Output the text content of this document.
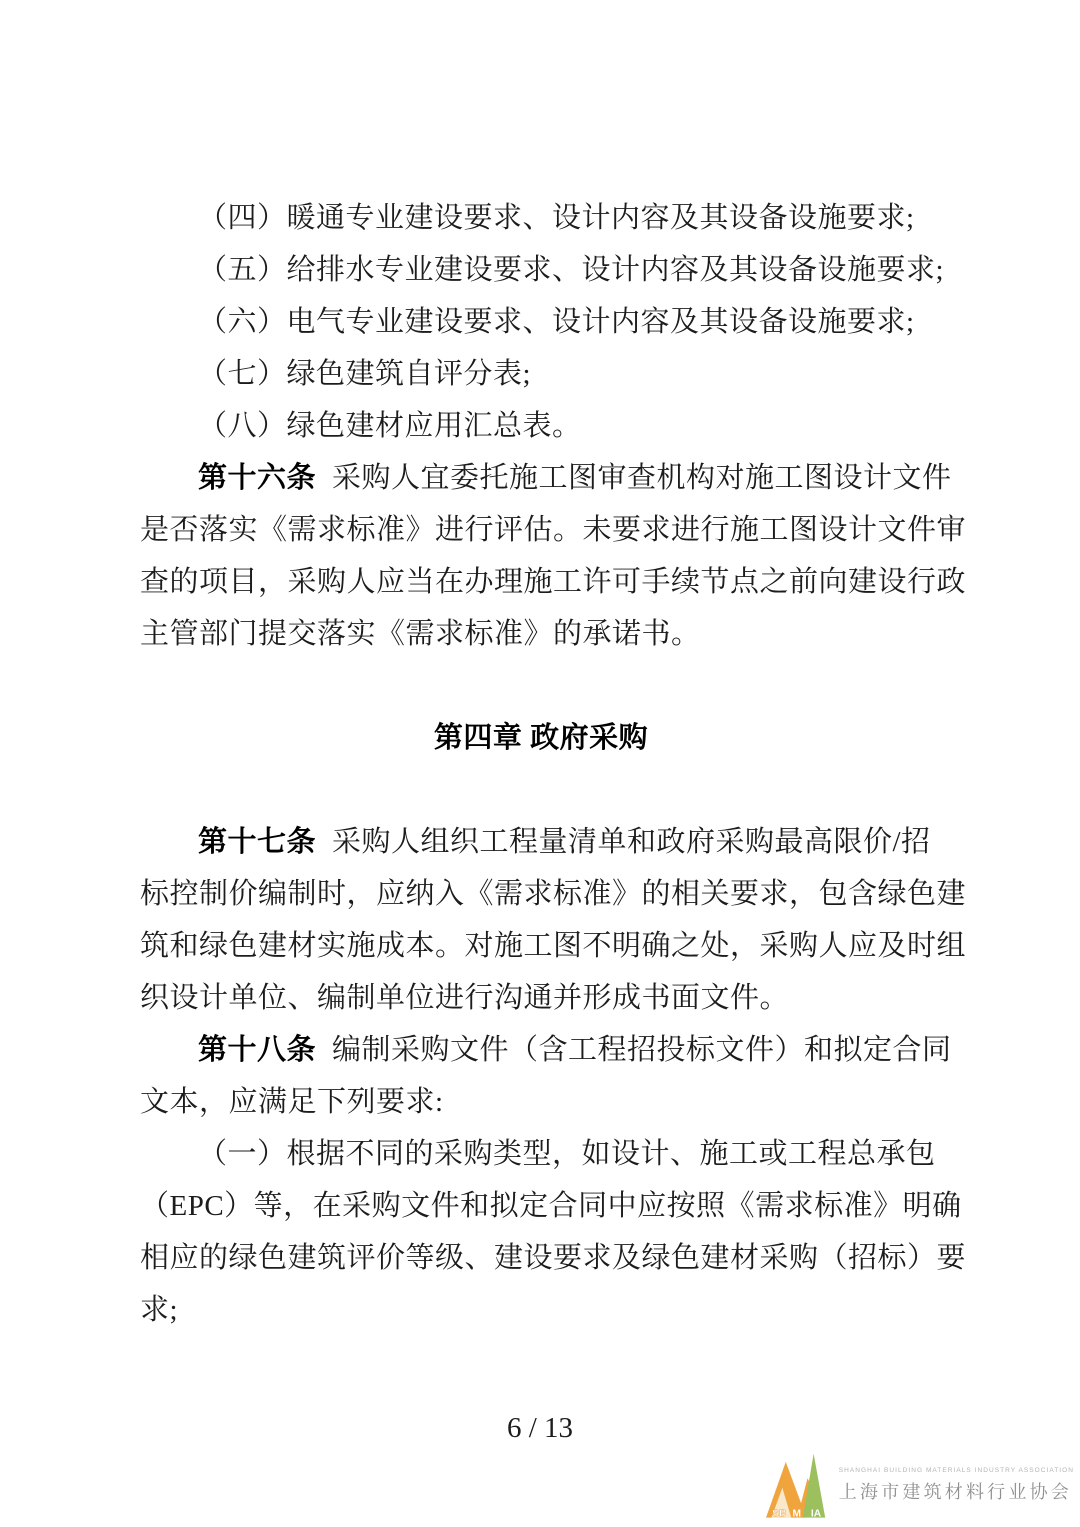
（四）暖通专业建设要求、设计内容及其设备设施要求;
（五）给排水专业建设要求、设计内容及其设备设施要求;
（六）电气专业建设要求、设计内容及其设备设施要求;
（七）绿色建筑自评分表;
（八）绿色建材应用汇总表。
第十六条 采购人宜委托施工图审查机构对施工图设计文件
是否落实《需求标准》进行评估。未要求进行施工图设计文件审
查的项目，采购人应当在办理施工许可手续节点之前向建设行政
主管部门提交落实《需求标准》的承诺书。
第四章 政府采购
第十七条 采购人组织工程量清单和政府采购最高限价/招
标控制价编制时，应纳入《需求标准》的相关要求，包含绿色建
筑和绿色建材实施成本。对施工图不明确之处，采购人应及时组
织设计单位、编制单位进行沟通并形成书面文件。
第十八条 编制采购文件（含工程招投标文件）和拟定合同
文本，应满足下列要求:
（一）根据不同的采购类型，如设计、施工或工程总承包
（EPC）等，在采购文件和拟定合同中应按照《需求标准》明确
相应的绿色建筑评价等级、建设要求及绿色建材采购（招标）要
求;
6 / 13
SB M IA
SHANGHAI BUILDING MATERIALS INDUSTRY ASSOCIATION
上海市建筑材料行业协会
